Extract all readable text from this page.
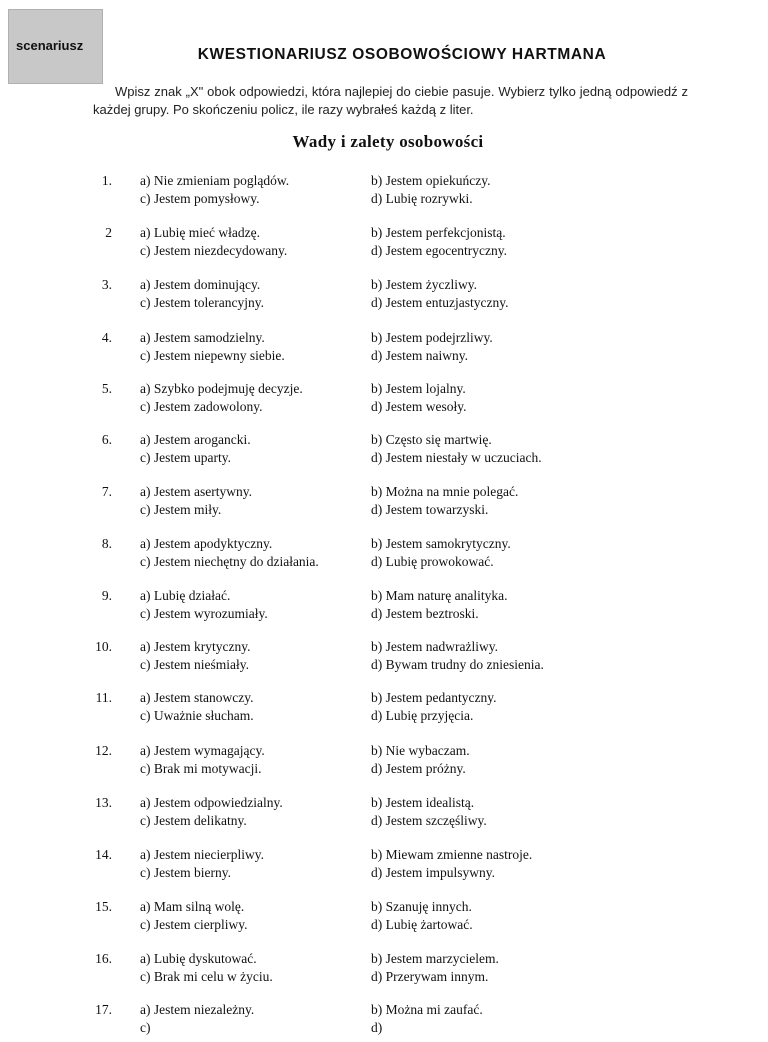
scenariusz
KWESTIONARIUSZ OSOBOWOŚCIOWY HARTMANA
Wpisz znak „X" obok odpowiedzi, która najlepiej do ciebie pasuje. Wybierz tylko jedną odpowiedź z każdej grupy. Po skończeniu policz, ile razy wybrałeś każdą z liter.
Wady i zalety osobowości
1. a) Nie zmieniam poglądów.	b) Jestem opiekuńczy.
c) Jestem pomysłowy.	d) Lubię rozrywki.
2 a) Lubię mieć władzę.	b) Jestem perfekcjonistą.
c) Jestem niezdecydowany.	d) Jestem egocentryczny.
3. a) Jestem dominujący.	b) Jestem życzliwy.
c) Jestem tolerancyjny.	d) Jestem entuzjastyczny.
4. a) Jestem samodzielny.	b) Jestem podejrzliwy.
c) Jestem niepewny siebie.	d) Jestem naiwny.
5. a) Szybko podejmuję decyzje.	b) Jestem lojalny.
c) Jestem zadowolony.	d) Jestem wesoły.
6. a) Jestem arogancki.	b) Często się martwię.
c) Jestem uparty.	d) Jestem niestały w uczuciach.
7. a) Jestem asertywny.	b) Można na mnie polegać.
c) Jestem miły.	d) Jestem towarzyski.
8. a) Jestem apodyktyczny.	b) Jestem samokrytyczny.
c) Jestem niechętny do działania.	d) Lubię prowokować.
9. a) Lubię działać.	b) Mam naturę analityka.
c) Jestem wyrozumiały.	d) Jestem beztroski.
10. a) Jestem krytyczny.	b) Jestem nadwrażliwy.
c) Jestem nieśmiały.	d) Bywam trudny do zniesienia.
11. a) Jestem stanowczy.	b) Jestem pedantyczny.
c) Uważnie słucham.	d) Lubię przyjęcia.
12. a) Jestem wymagający.	b) Nie wybaczam.
c) Brak mi motywacji.	d) Jestem próżny.
13. a) Jestem odpowiedzialny.	b) Jestem idealistą.
c) Jestem delikatny.	d) Jestem szczęśliwy.
14. a) Jestem niecierpliwy.	b) Miewam zmienne nastroje.
c) Jestem bierny.	d) Jestem impulsywny.
15. a) Mam silną wolę.	b) Szanuję innych.
c) Jestem cierpliwy.	d) Lubię żartować.
16. a) Lubię dyskutować.	b) Jestem marzycielem.
c) Brak mi celu w życiu.	d) Przerywam innym.
17. a) Jestem niezależny.	b) Można mi zaufać.
c)	d)
